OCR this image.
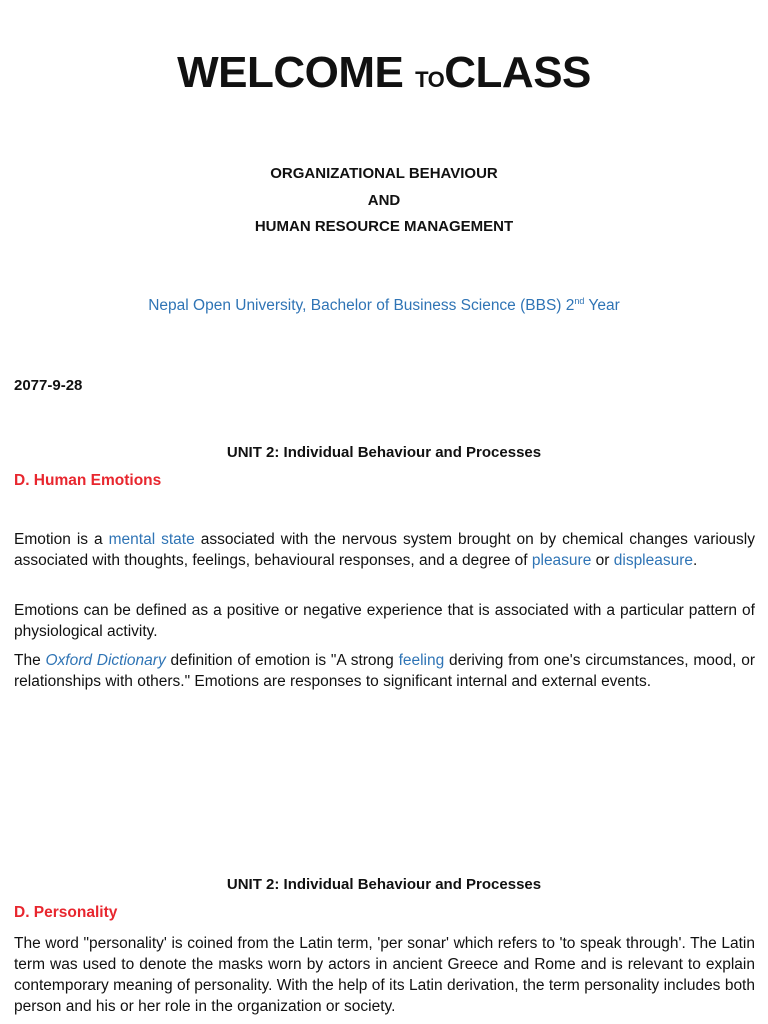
WELCOME TOCLASS
ORGANIZATIONAL BEHAVIOUR
AND
HUMAN RESOURCE MANAGEMENT
Nepal Open University, Bachelor of Business Science (BBS) 2nd Year
2077-9-28
UNIT 2: Individual Behaviour and Processes
D. Human Emotions
Emotion is a mental state associated with the nervous system brought on by chemical changes variously associated with thoughts, feelings, behavioural responses, and a degree of pleasure or displeasure.
Emotions can be defined as a positive or negative experience that is associated with a particular pattern of physiological activity.
The Oxford Dictionary definition of emotion is "A strong feeling deriving from one's circumstances, mood, or relationships with others." Emotions are responses to significant internal and external events.
UNIT 2: Individual Behaviour and Processes
D. Personality
The word "personality' is coined from the Latin term, 'per sonar' which refers to 'to speak through'. The Latin term was used to denote the masks worn by actors in ancient Greece and Rome and is relevant to explain contemporary meaning of personality. With the help of its Latin derivation, the term personality includes both person and his or her role in the organization or society.
